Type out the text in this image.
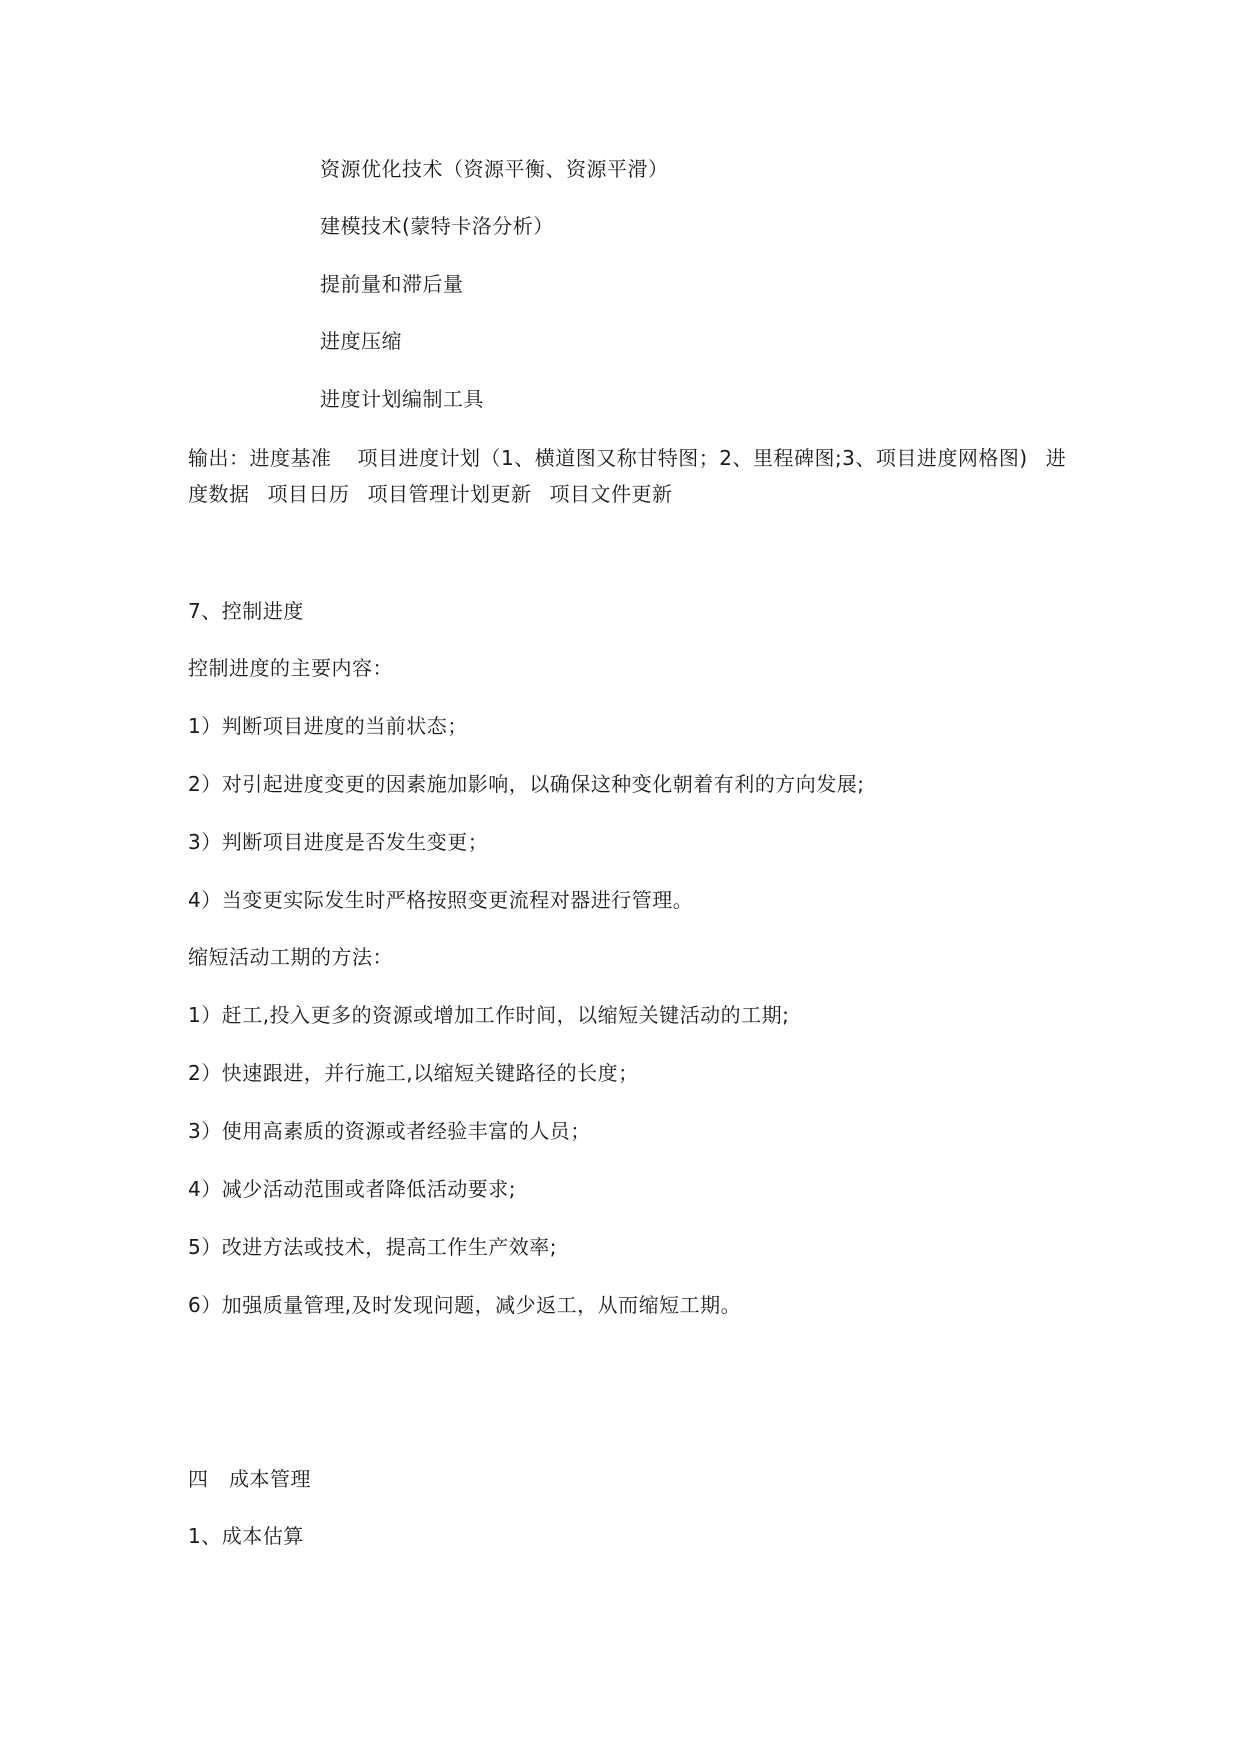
资源优化技术（资源平衡、资源平滑）
建模技术(蒙特卡洛分析）
提前量和滞后量
进度压缩
进度计划编制工具
输出：进度基准 项目进度计划（1、横道图又称甘特图；2、里程碑图;3、项目进度网格图) 进度数据 项目日历 项目管理计划更新 项目文件更新
7、控制进度
控制进度的主要内容：
1）判断项目进度的当前状态；
2）对引起进度变更的因素施加影响，以确保这种变化朝着有利的方向发展;
3）判断项目进度是否发生变更；
4）当变更实际发生时严格按照变更流程对器进行管理。
缩短活动工期的方法：
1）赶工,投入更多的资源或增加工作时间，以缩短关键活动的工期;
2）快速跟进，并行施工,以缩短关键路径的长度；
3）使用高素质的资源或者经验丰富的人员；
4）减少活动范围或者降低活动要求;
5）改进方法或技术，提高工作生产效率;
6）加强质量管理,及时发现问题，减少返工，从而缩短工期。
四　成本管理
1、成本估算
